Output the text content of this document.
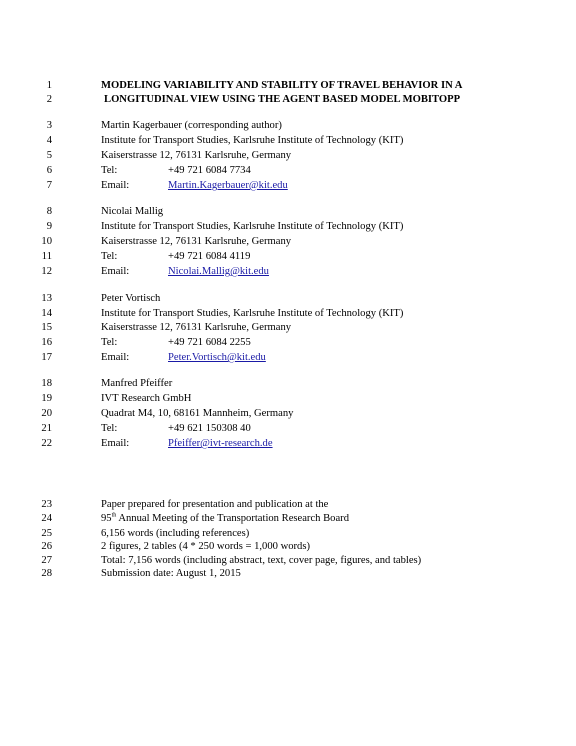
1	MODELING VARIABILITY AND STABILITY OF TRAVEL BEHAVIOR IN A
2	LONGITUDINAL VIEW USING THE AGENT BASED MODEL MOBITOPP
3	Martin Kagerbauer (corresponding author)
4	Institute for Transport Studies, Karlsruhe Institute of Technology (KIT)
5	Kaiserstrasse 12, 76131 Karlsruhe, Germany
6	Tel:	+49 721 6084 7734
7	Email:	Martin.Kagerbauer@kit.edu
8	Nicolai Mallig
9	Institute for Transport Studies, Karlsruhe Institute of Technology (KIT)
10	Kaiserstrasse 12, 76131 Karlsruhe, Germany
11	Tel:	+49 721 6084 4119
12	Email:	Nicolai.Mallig@kit.edu
13	Peter Vortisch
14	Institute for Transport Studies, Karlsruhe Institute of Technology (KIT)
15	Kaiserstrasse 12, 76131 Karlsruhe, Germany
16	Tel:	+49 721 6084 2255
17	Email:	Peter.Vortisch@kit.edu
18	Manfred Pfeiffer
19	IVT Research GmbH
20	Quadrat M4, 10, 68161 Mannheim, Germany
21	Tel:	+49 621 150308 40
22	Email:	Pfeiffer@ivt-research.de
23	Paper prepared for presentation and publication at the
24	95th Annual Meeting of the Transportation Research Board
25	6,156 words (including references)
26	2 figures, 2 tables (4 * 250 words = 1,000 words)
27	Total: 7,156 words (including abstract, text, cover page, figures, and tables)
28	Submission date: August 1, 2015
